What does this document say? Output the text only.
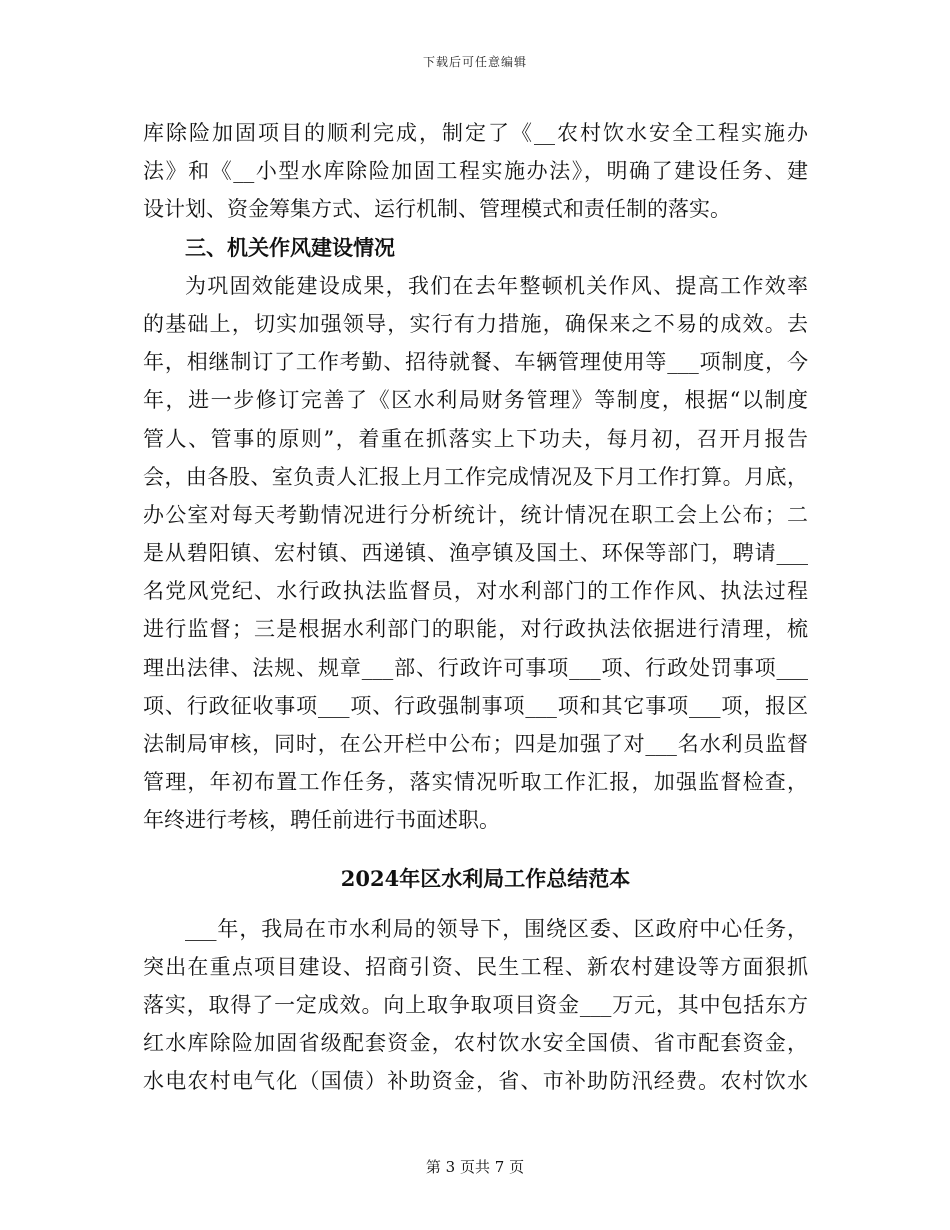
下载后可任意编辑
库除险加固项目的顺利完成，制定了《__农村饮水安全工程实施办
法》和《__小型水库除险加固工程实施办法》，明确了建设任务、建
设计划、资金筹集方式、运行机制、管理模式和责任制的落实。
三、机关作风建设情况
为巩固效能建设成果，我们在去年整顿机关作风、提高工作效率
的基础上，切实加强领导，实行有力措施，确保来之不易的成效。去
年，相继制订了工作考勤、招待就餐、车辆管理使用等___项制度，今
年，进一步修订完善了《区水利局财务管理》等制度，根据“以制度
管人、管事的原则”，着重在抓落实上下功夫，每月初，召开月报告
会，由各股、室负责人汇报上月工作完成情况及下月工作打算。月底，
办公室对每天考勤情况进行分析统计，统计情况在职工会上公布；二
是从碧阳镇、宏村镇、西递镇、渔亭镇及国土、环保等部门，聘请___
名党风党纪、水行政执法监督员，对水利部门的工作作风、执法过程
进行监督；三是根据水利部门的职能，对行政执法依据进行清理，梳
理出法律、法规、规章___部、行政许可事项___项、行政处罚事项___
项、行政征收事项___项、行政强制事项___项和其它事项___项，报区
法制局审核，同时，在公开栏中公布；四是加强了对___名水利员监督
管理，年初布置工作任务，落实情况听取工作汇报，加强监督检查，
年终进行考核，聘任前进行书面述职。
2024年区水利局工作总结范本
___年，我局在市水利局的领导下，围绕区委、区政府中心任务，
突出在重点项目建设、招商引资、民生工程、新农村建设等方面狠抓
落实，取得了一定成效。向上取争取项目资金___万元，其中包括东方
红水库除险加固省级配套资金，农村饮水安全国债、省市配套资金，
水电农村电气化（国债）补助资金，省、市补助防汛经费。农村饮水
第 3 页共 7 页
